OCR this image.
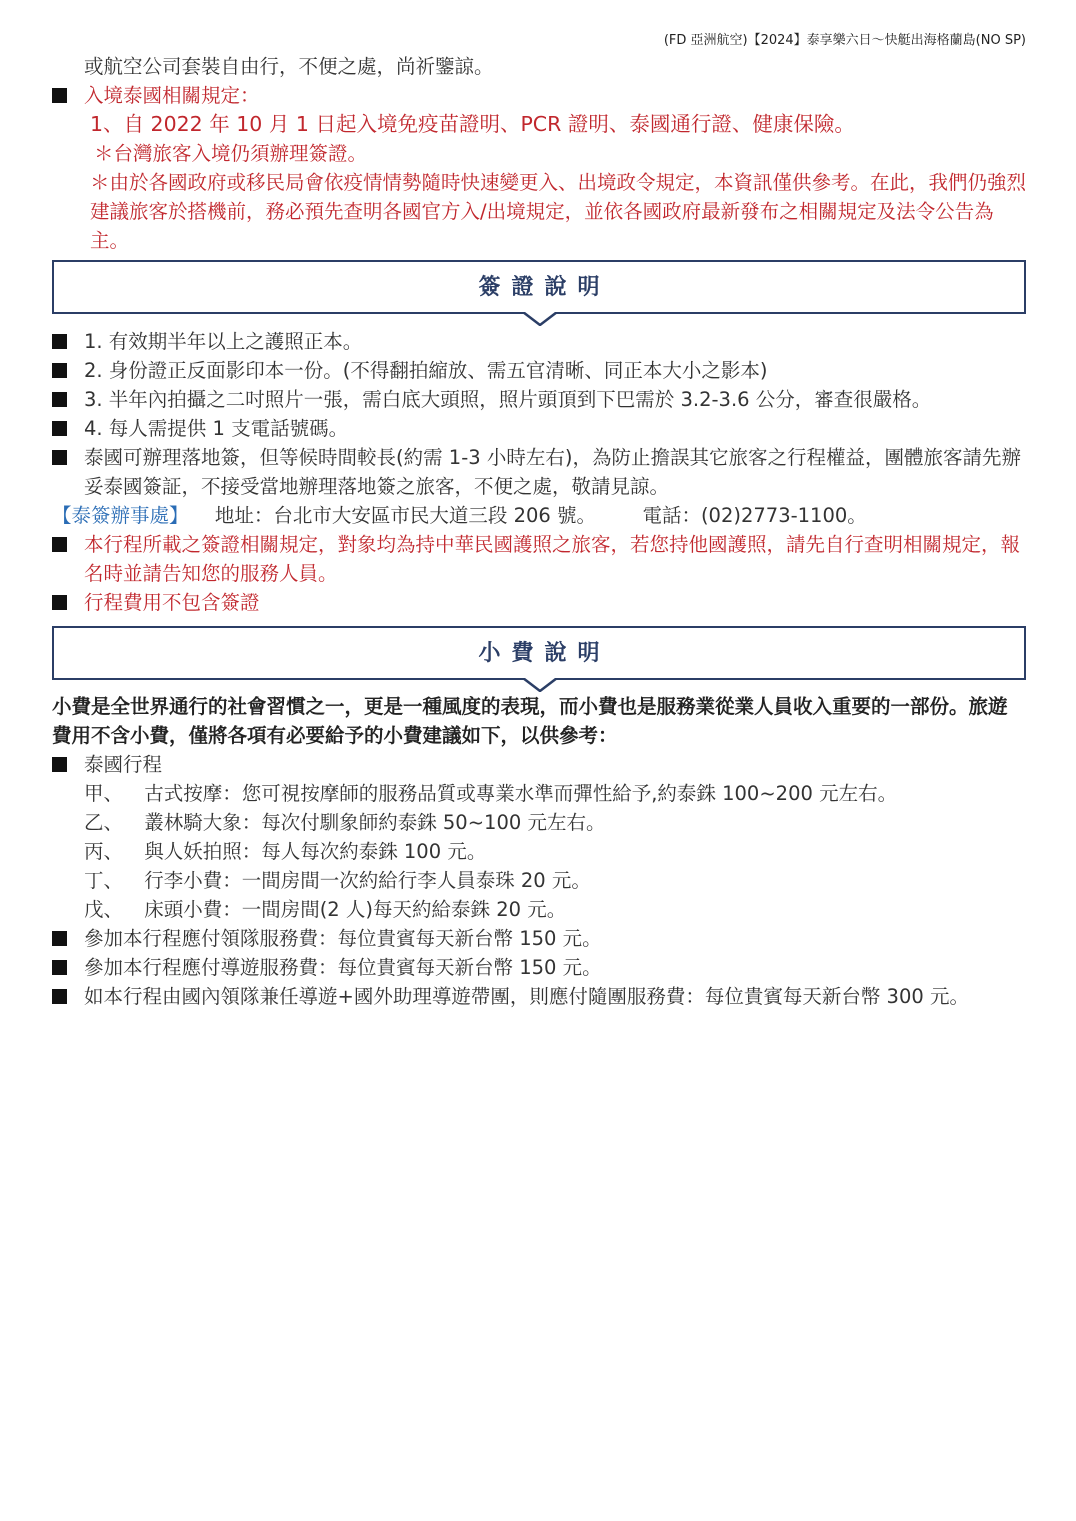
(FD 亞洲航空)【2024】泰享樂六日～快艇出海格蘭島(NO SP)
或航空公司套裝自由行，不便之處，尚祈鑒諒。
入境泰國相關規定：
1、自 2022 年 10 月 1 日起入境免疫苗證明、PCR 證明、泰國通行證、健康保險。
＊台灣旅客入境仍須辦理簽證。
＊由於各國政府或移民局會依疫情情勢隨時快速變更入、出境政令規定，本資訊僅供參考。在此，我們仍強烈建議旅客於搭機前，務必預先查明各國官方入/出境規定，並依各國政府最新發布之相關規定及法令公告為主。
簽證說明
1. 有效期半年以上之護照正本。
2. 身份證正反面影印本一份。(不得翻拍縮放、需五官清晰、同正本大小之影本)
3. 半年內拍攝之二吋照片一張，需白底大頭照，照片頭頂到下巴需於 3.2-3.6 公分，審查很嚴格。
4. 每人需提供 1 支電話號碼。
泰國可辦理落地簽，但等候時間較長(約需 1-3 小時左右)，為防止擔誤其它旅客之行程權益，團體旅客請先辦妥泰國簽証，不接受當地辦理落地簽之旅客，不便之處，敬請見諒。
【泰簽辦事處】 地址：台北市大安區市民大道三段 206 號。 電話：(02)2773-1100。
本行程所載之簽證相關規定，對象均為持中華民國護照之旅客，若您持他國護照，請先自行查明相關規定，報名時並請告知您的服務人員。
行程費用不包含簽證
小費說明
小費是全世界通行的社會習慣之一，更是一種風度的表現，而小費也是服務業從業人員收入重要的一部份。旅遊費用不含小費，僅將各項有必要給予的小費建議如下，以供參考：
泰國行程
甲、 古式按摩：您可視按摩師的服務品質或專業水準而彈性給予,約泰銖 100~200 元左右。
乙、 叢林騎大象：每次付馴象師約泰銖 50~100 元左右。
丙、 與人妖拍照：每人每次約泰銖 100 元。
丁、 行李小費：一間房間一次約給行李人員泰珠 20 元。
戊、 床頭小費：一間房間(2 人)每天約給泰銖 20 元。
參加本行程應付領隊服務費：每位貴賓每天新台幣 150 元。
參加本行程應付導遊服務費：每位貴賓每天新台幣 150 元。
如本行程由國內領隊兼任導遊+國外助理導遊帶團，則應付隨團服務費：每位貴賓每天新台幣 300 元。
